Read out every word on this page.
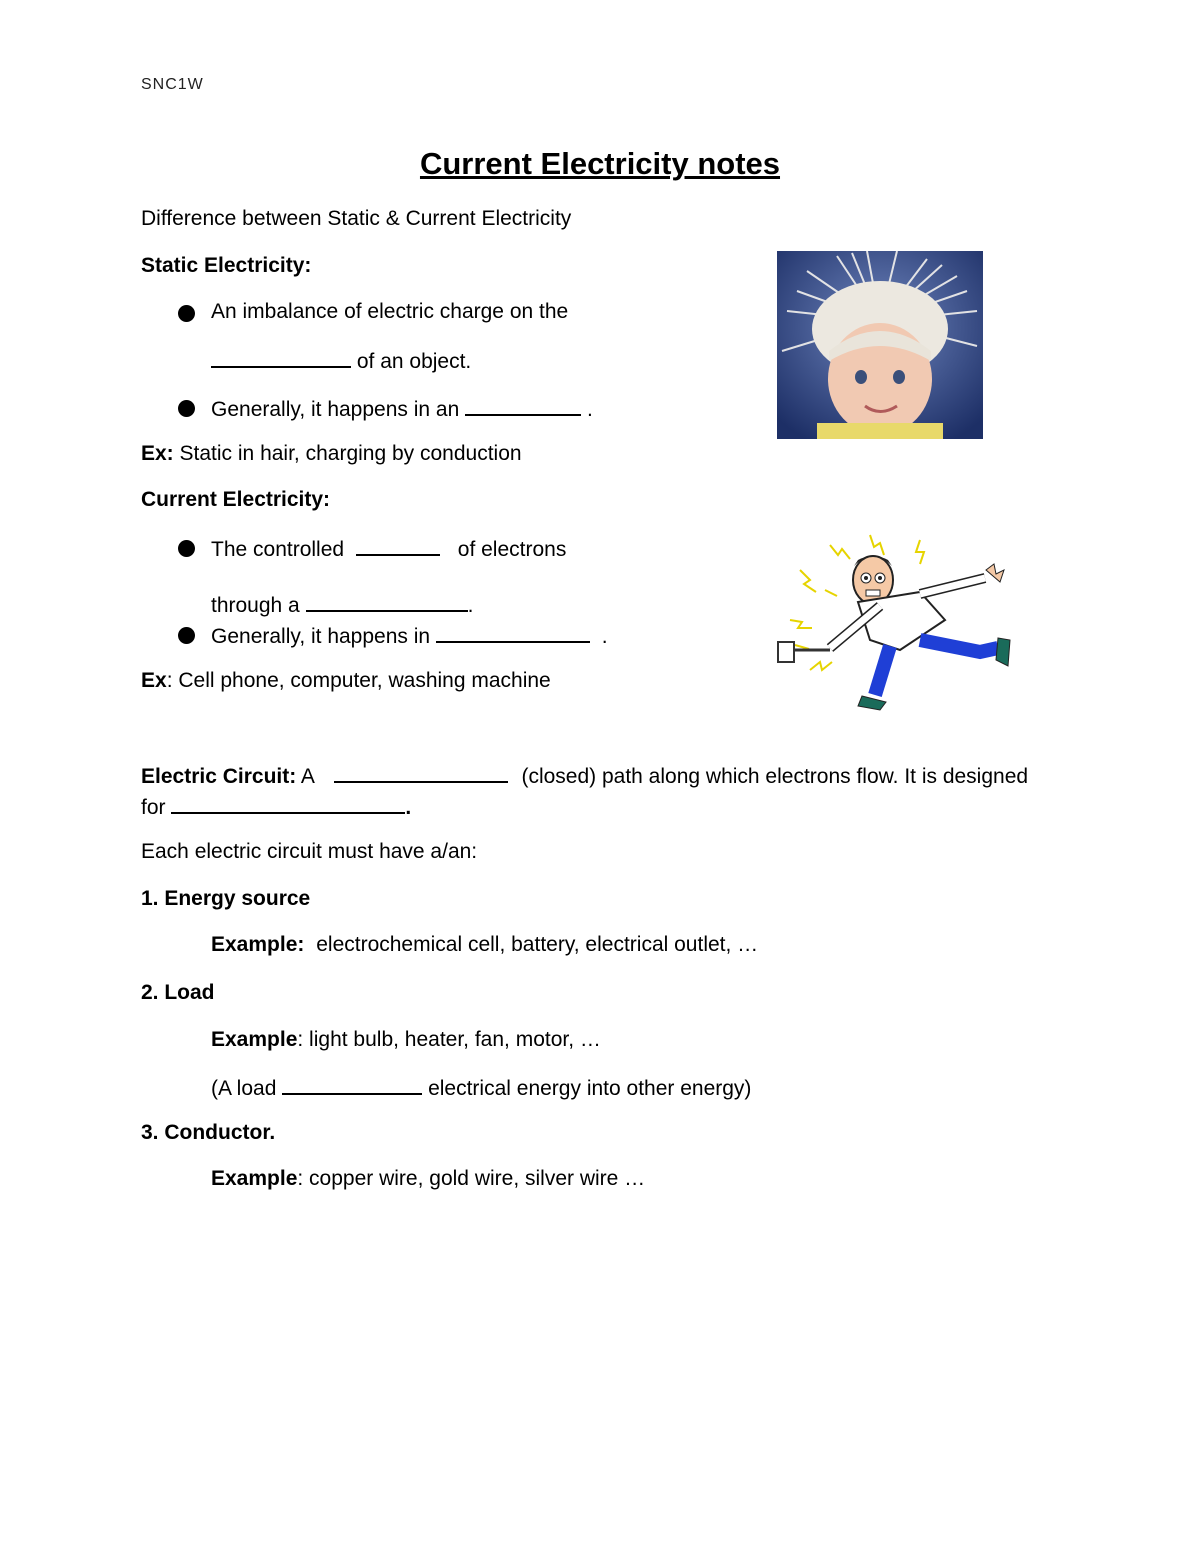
SNC1W
Current Electricity notes
Difference between Static & Current Electricity
Static Electricity:
An imbalance of electric charge on the
of an object.
Generally, it happens in an	.
Ex: Static in hair, charging by conduction
Current Electricity:
The controlled	of electrons
through a	.
Generally, it happens in	.
Ex: Cell phone, computer, washing machine
Electric Circuit: A	(closed) path along which electrons flow. It is designed
for	.
Each electric circuit must have a/an:
1. Energy source
Example: electrochemical cell, battery, electrical outlet, …
2. Load
Example: light bulb, heater, fan, motor, …
(A load	electrical energy into other energy)
3. Conductor.
Example: copper wire, gold wire, silver wire …
